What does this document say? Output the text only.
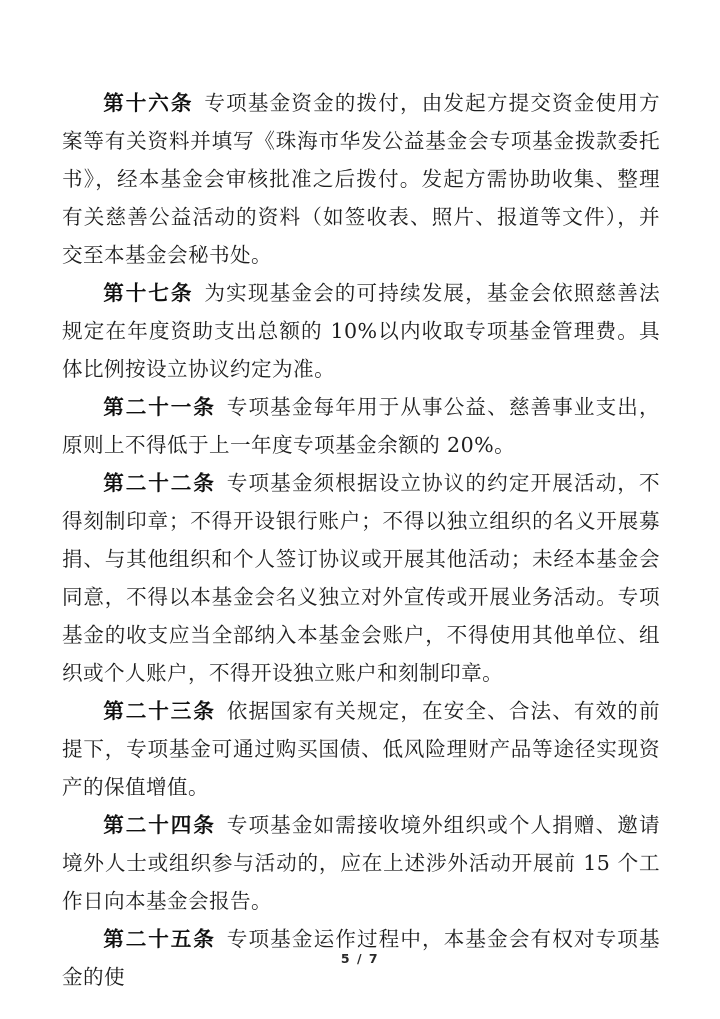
第十六条 专项基金资金的拨付，由发起方提交资金使用方案等有关资料并填写《珠海市华发公益基金会专项基金拨款委托书》，经本基金会审核批准之后拨付。发起方需协助收集、整理有关慈善公益活动的资料（如签收表、照片、报道等文件），并交至本基金会秘书处。

第十七条 为实现基金会的可持续发展，基金会依照慈善法规定在年度资助支出总额的 10%以内收取专项基金管理费。具体比例按设立协议约定为准。

第二十一条 专项基金每年用于从事公益、慈善事业支出，原则上不得低于上一年度专项基金余额的 20%。

第二十二条 专项基金须根据设立协议的约定开展活动，不得刻制印章；不得开设银行账户；不得以独立组织的名义开展募捐、与其他组织和个人签订协议或开展其他活动；未经本基金会同意，不得以本基金会名义独立对外宣传或开展业务活动。专项基金的收支应当全部纳入本基金会账户，不得使用其他单位、组织或个人账户，不得开设独立账户和刻制印章。

第二十三条 依据国家有关规定，在安全、合法、有效的前提下，专项基金可通过购买国债、低风险理财产品等途径实现资产的保值增值。

第二十四条 专项基金如需接收境外组织或个人捐赠、邀请境外人士或组织参与活动的，应在上述涉外活动开展前 15 个工作日向本基金会报告。

第二十五条 专项基金运作过程中，本基金会有权对专项基金的使

5 / 7
